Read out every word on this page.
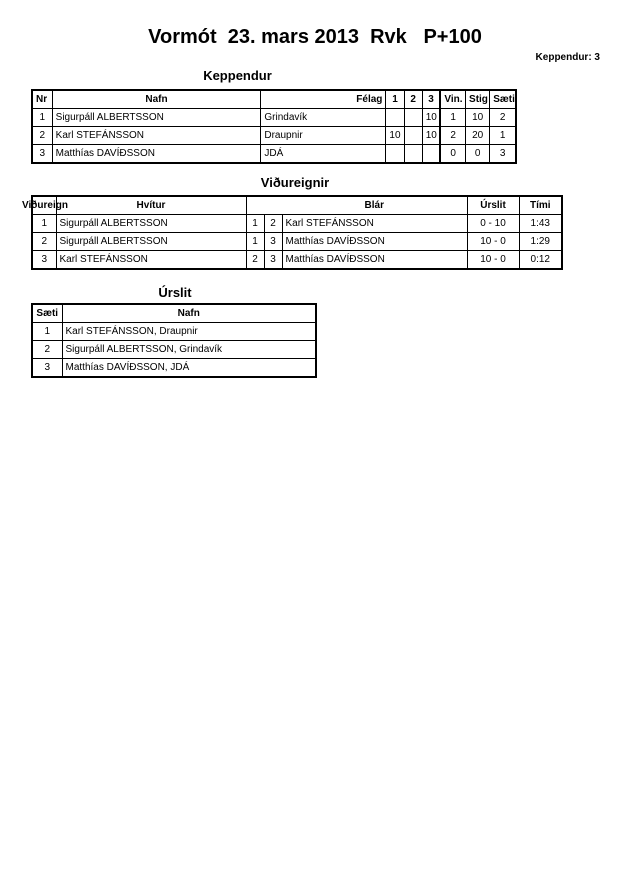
Vormót  23. mars 2013  Rvk   P+100
Keppendur: 3
Keppendur
Nr	Nafn	Félag	1	2	3	Vin.	Stig	Sæti
1	Sigurpáll ALBERTSSON	Grindavík			10	1	10	2
2	Karl STEFÁNSSON	Draupnir	10		10	2	20	1
3	Matthías DAVÍÐSSON	JDÁ				0	0	3
Viðureignir
Viðureign	Hvítur			Blár	Úrslit	Tími
1	Sigurpáll ALBERTSSON	1	2	Karl STEFÁNSSON	0 - 10	1:43
2	Sigurpáll ALBERTSSON	1	3	Matthías DAVÍÐSSON	10 - 0	1:29
3	Karl STEFÁNSSON	2	3	Matthías DAVÍÐSSON	10 - 0	0:12
Úrslit
Sæti	Nafn
1	Karl STEFÁNSSON, Draupnir
2	Sigurpáll ALBERTSSON, Grindavík
3	Matthías DAVÍÐSSON, JDÁ
